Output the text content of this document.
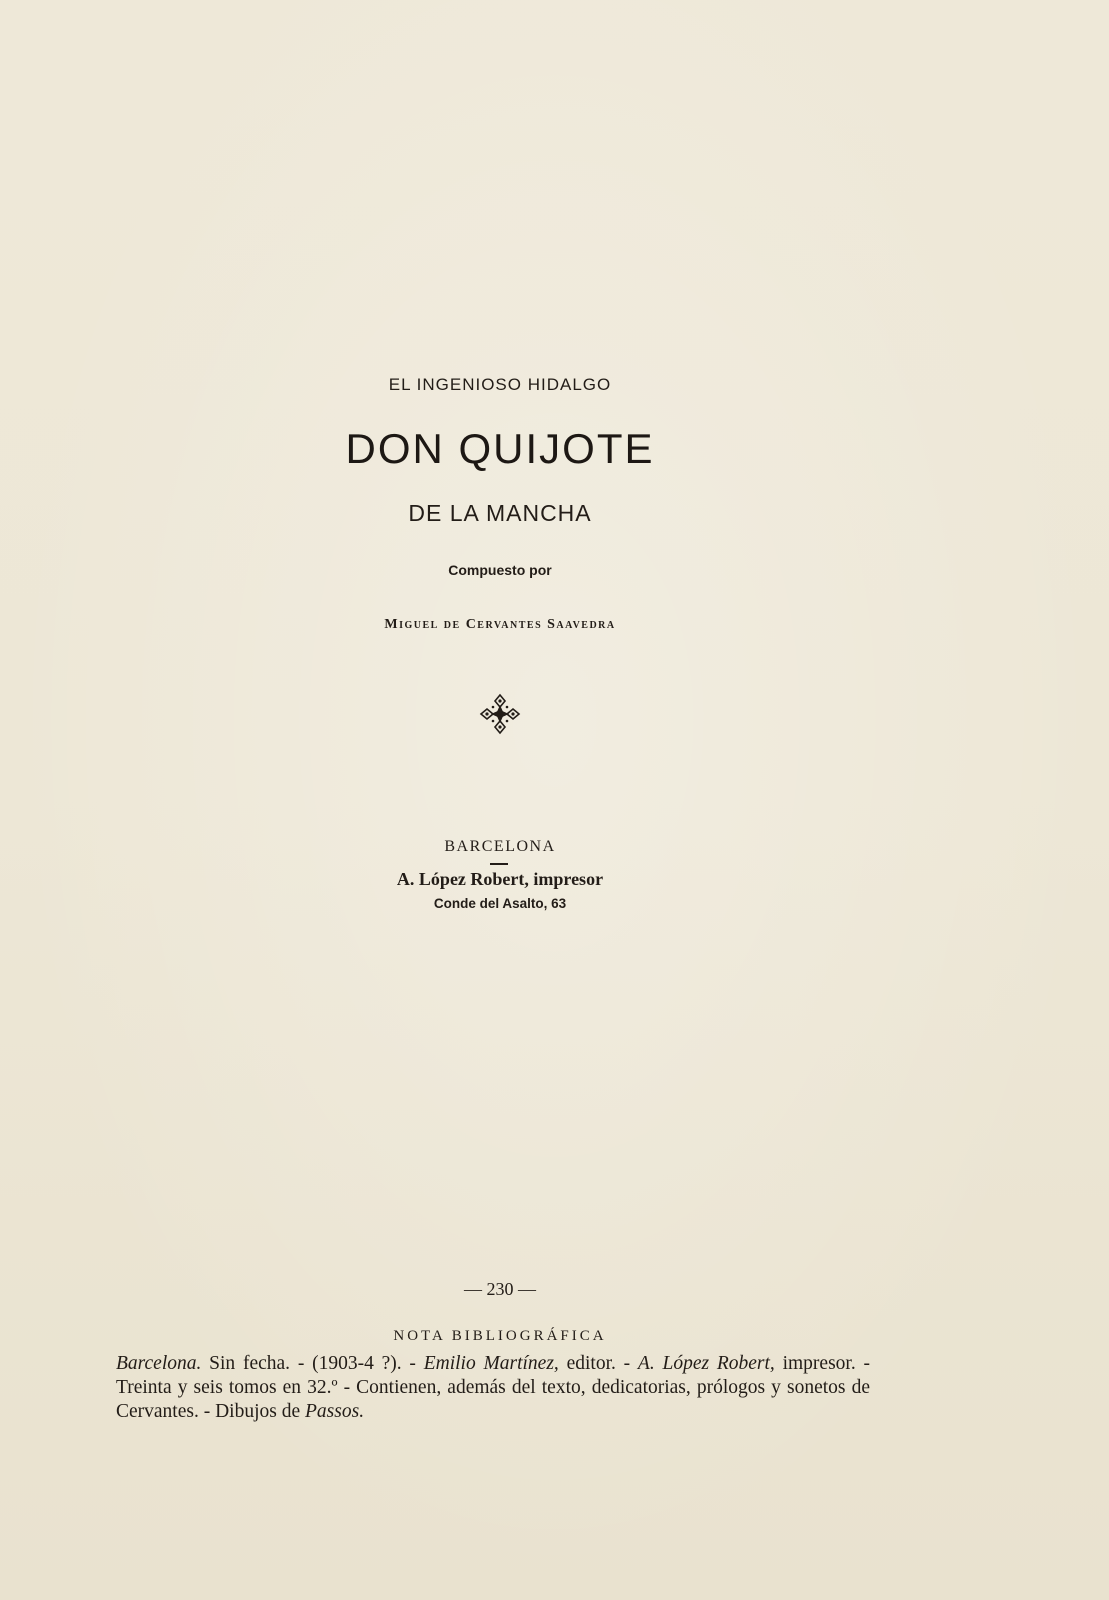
EL INGENIOSO HIDALGO
DON QUIJOTE
DE LA MANCHA
Compuesto por
Miguel de Cervantes Saavedra
BARCELONA
A. López Robert, impresor
Conde del Asalto, 63
— 230 —
NOTA BIBLIOGRÁFICA
Barcelona. Sin fecha. - (1903-4 ?). - Emilio Martínez, editor. - A. López Robert, impresor. - Treinta y seis tomos en 32.º - Contienen, además del texto, dedicatorias, prólogos y sonetos de Cervantes. - Dibujos de Passos.
